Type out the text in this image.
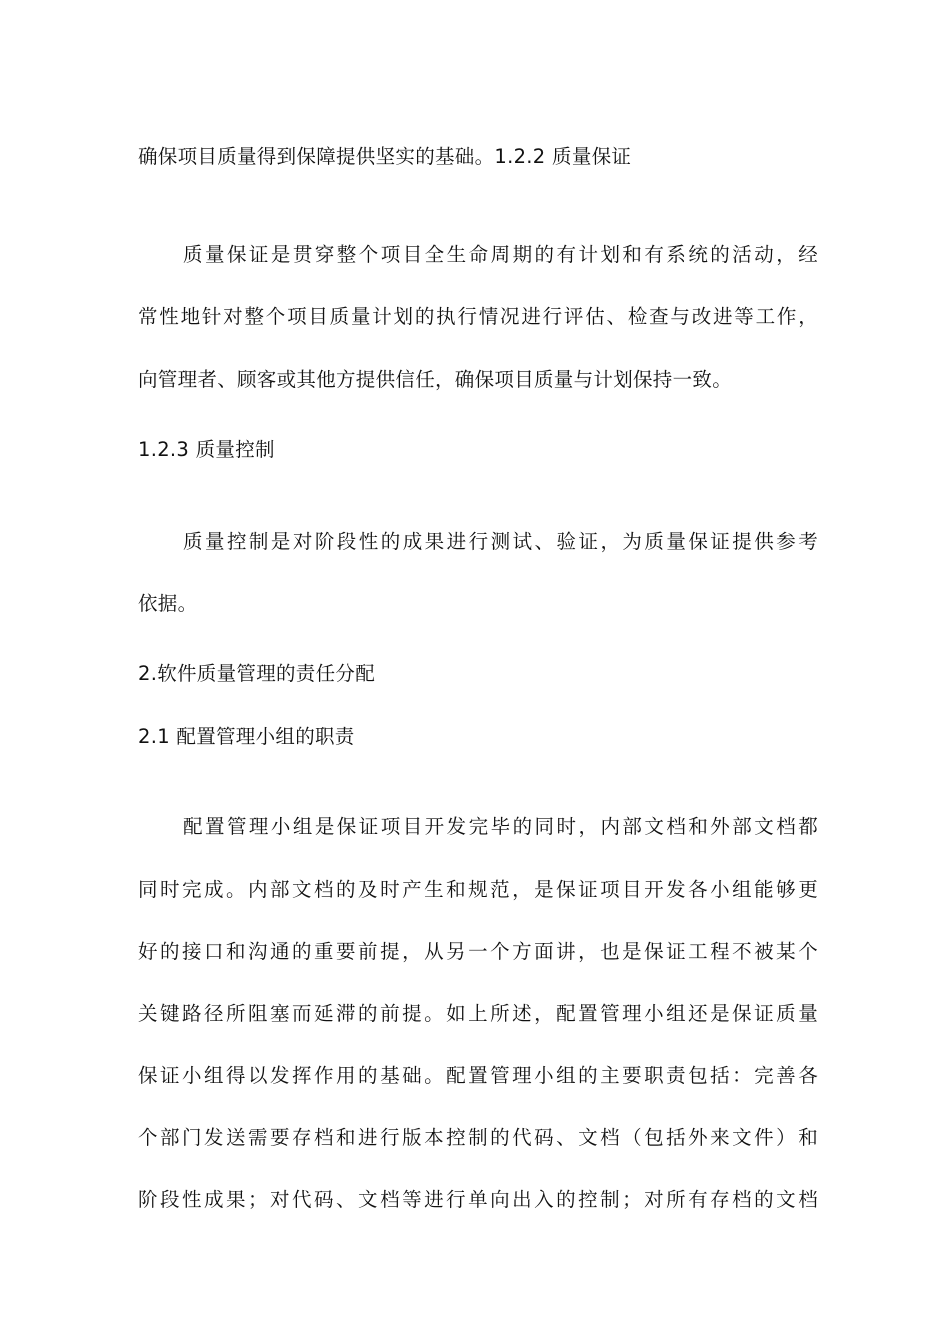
确保项目质量得到保障提供坚实的基础。1.2.2 质量保证
质量保证是贯穿整个项目全生命周期的有计划和有系统的活动，经
常性地针对整个项目质量计划的执行情况进行评估、检查与改进等工作，
向管理者、顾客或其他方提供信任，确保项目质量与计划保持一致。
1.2.3 质量控制
质量控制是对阶段性的成果进行测试、验证，为质量保证提供参考
依据。
2.软件质量管理的责任分配
2.1 配置管理小组的职责
配置管理小组是保证项目开发完毕的同时，内部文档和外部文档都
同时完成。内部文档的及时产生和规范，是保证项目开发各小组能够更
好的接口和沟通的重要前提，从另一个方面讲，也是保证工程不被某个
关键路径所阻塞而延滞的前提。如上所述，配置管理小组还是保证质量
保证小组得以发挥作用的基础。配置管理小组的主要职责包括：完善各
个部门发送需要存档和进行版本控制的代码、文档（包括外来文件）和
阶段性成果；对代码、文档等进行单向出入的控制；对所有存档的文档
